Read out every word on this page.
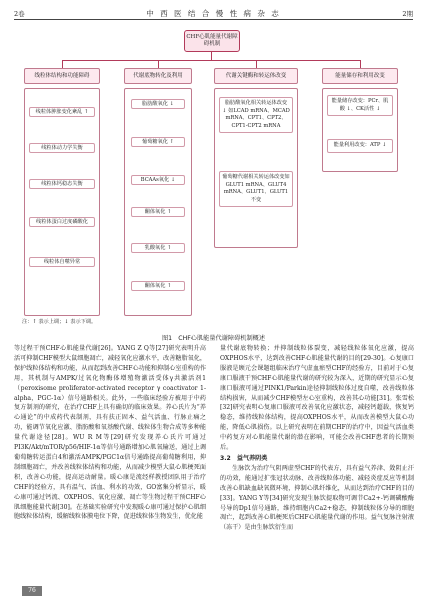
2卷	中 西 医 结 合 慢 性 病 杂 志	2期
CHF心肌能量代谢障碍机制
线粒体结构和功能障碍	代谢底物转化及利用	代谢关键酶和转运体改变	能量储存和利用改变
线粒体肿胀变化紊乱 ↑
线粒体动力学失衡
线粒体钙稳态失衡
线粒体蛋白过度磷酸化
线粒体自噬异常
脂肪酸氧化 ↓
葡萄糖氧化 ↑
BCAAs氧化 ↓
酮体氧化 ↑
乳酸氧化 ↑
酮体氧化 ↑
脂肪酸氧化相关转运体改变 ↓ 如LCAD mRNA、MCAD mRNA、CPT1、CPT2、CPT1-CPT2 mRNA
葡萄糖代谢相关转运体改变如GLUT1 mRNA、GLUT4 mRNA、GLUT1、GLUT1不变
能量储存改变：PCr、肌酸 ↓、CK活性 ↓
能量利用改变：ATP ↓
注：↑ 表示上调；↓ 表示下调。
图1　CHF心肌能量代谢障碍机制概述

等过程干预CHF心肌能量代谢[26]。YANG Z Q等[27]研究表明升高活可抑制CHF模型大鼠细胞凋亡，减轻氧化应激水平，改善糖脂氧化，保护线粒体结构和功能，从而起到改善CHF心功能和抑制心室重构的作用，其机制与AMPK/过氧化物酶体增殖物激活受体γ共激活剂1（peroxisome proliferator-activated receptor γ coactivator 1-alpha，PGC-1α）信号通路相关。此外，一些临床经验方被用于中药复方制剂的研究，在治疗CHF上具有确切的临床效果。养心氏片为“养心通论”的中成药代表制剂，具有扶正固本、益气活血、行脉止痛之功，能调节氧化应激、脂肪酸和氧基酸代谢、线粒体生物合成等多种能量代谢途径[28]。WU R M等[29]研究发现养心氏片可通过PI3K/Akt/mTOR/p56/HIF-1α等信号通路增加心肌氧输送，通过上调葡萄糖转运蛋白4和激活AMPK/PGC1α信号通路提高葡萄糖利用，抑制细胞凋亡，并改善线粒体结构和功能，从而减少模型大鼠心肌梗死面积，改善心功能，提高运动耐量。暖心康是流经样教授团队用于治疗CHF的经验方，具有温气、活血、利水的功效，GO富集分析显示，暖心康可通过钙流、OXPHOS、氧化应激、凋亡等生物过程干预CHF心肌细胞能量代谢[30]。在基础实验研究中发现暖心康可通过保护心肌细胞线粒体结构，缓解线粒体膜电位下降，促进线粒体生物发生，优化能

量代谢底物转换；并抑制线粒体裂变，减轻线粒体氧化应激，提高OXPHOS水平，达到改善CHF心肌能量代谢的目的[29-30]。心复康口服液是顾元会课题组临床治疗气虚血瘀型CHF的经验方，目前对于心复康口服液干预CHF心肌能量代谢的研究较为深入，近期的研究显示心复康口服液可通过PINK1/Parkin途径抑制线粒体过度自噬，改善线粒体结构损害，从而减少CHF模型左心室重构，改善其心功能[31]。张雪松[32]研究表明心复康口服液可改善氧化应激状态，减轻钙超载，恢复钙稳态，维持线粒体结构，提高OXPHOS水平，从而改善模型大鼠心功能，降低心肌损伤。以上研究表明在前期CHF的治疗中，因益气活血类中药复方对心肌能量代谢的潜在影响，可能会改善CHF患者的长期预后。

3.2　益气养阴类

生脉饮为治疗气阴两虚型CHF的代表方，具有益气养津、敛阴止汗的功效，能通过扩张冠状动脉、改善线粒体功能、减轻炎症反应等机制改善心肌缺血缺氧微环境，抑制心肌纤维化，从而达到治疗CHF的目的[33]。YANG Y等[34]研究发现生脉饮提取物可调节Ca2+-钙调磷酸酶号导的Dp1信号通路，维持细胞内Ca2+稳态，抑制线粒体分导的细胞凋亡，起到改善心肌梗死后CHF心肌能量代谢的作用。益气复脉注射液（冻干）是由生脉饮衍生而

76
